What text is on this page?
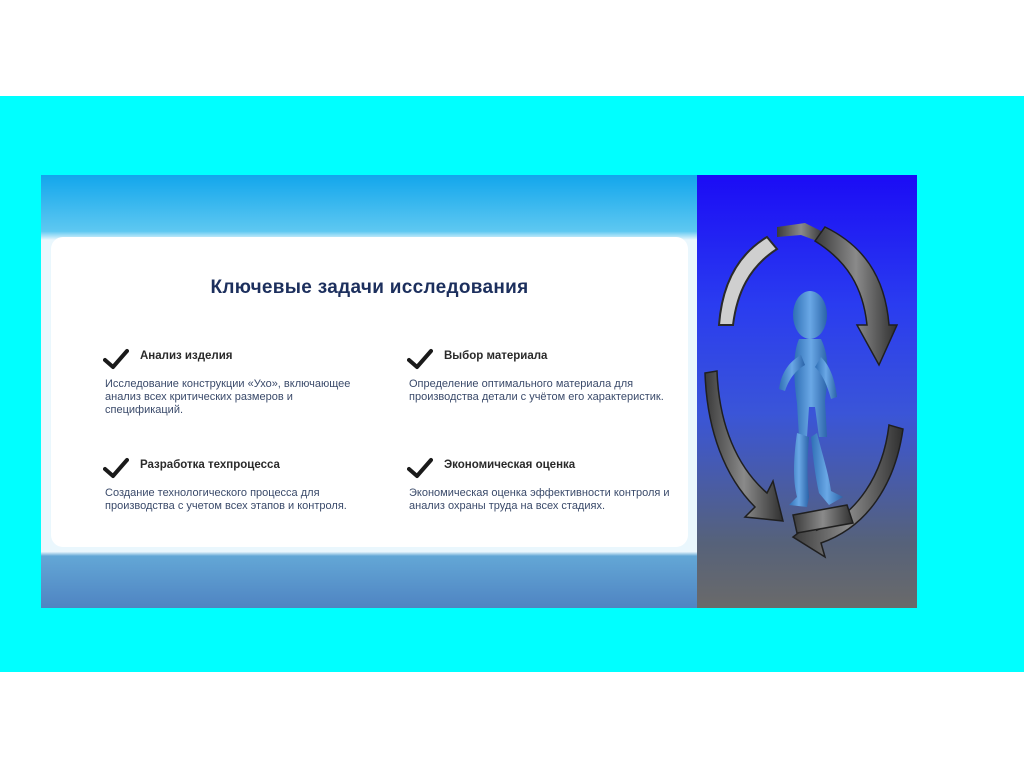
Ключевые задачи исследования
Анализ изделия
Исследование конструкции «Ухо», включающее анализ всех критических размеров и спецификаций.
Выбор материала
Определение оптимального материала для производства детали с учётом его характеристик.
Разработка техпроцесса
Создание технологического процесса для производства с учетом всех этапов и контроля.
Экономическая оценка
Экономическая оценка эффективности контроля и анализ охраны труда на всех стадиях.
